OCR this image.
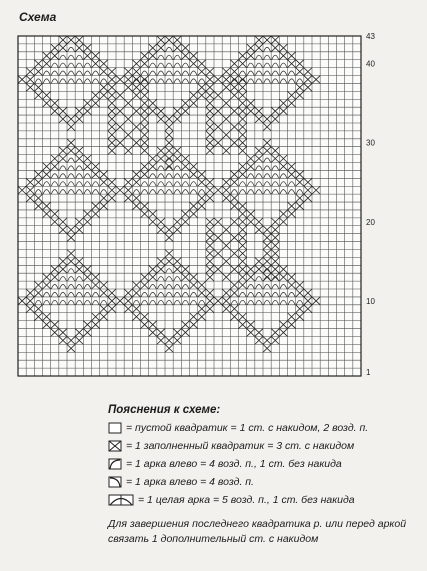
Схема
40
30
20
10
1
43
Пояснения к схеме:
= пустой квадратик = 1 ст. с накидом, 2 возд. п.
= 1 заполненный квадратик = 3 ст. с накидом
= 1 арка влево = 4 возд. п., 1 ст. без накида
= 1 арка влево = 4 возд. п.
= 1 целая арка = 5 возд. п., 1 ст. без накида
Для завершения последнего квадратика р. или перед аркой связать 1 дополнительный ст. с накидом
